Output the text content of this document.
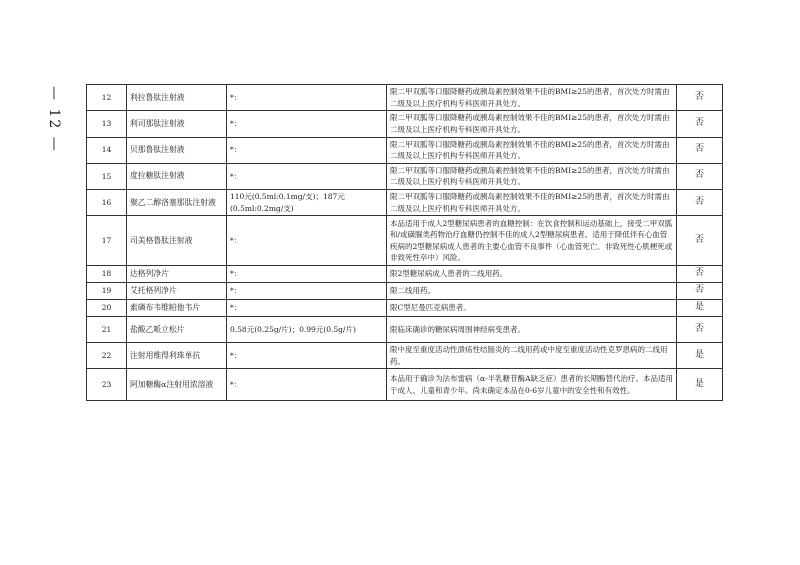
— 12 —	12	利拉鲁肽注射液	*：	限二甲双胍等口服降糖药或胰岛素控制效果不佳的BMI≥25的患者，首次处方时需由二级及以上医疗机构专科医师开具处方。	否
13	利司那肽注射液	*：	限二甲双胍等口服降糖药或胰岛素控制效果不佳的BMI≥25的患者，首次处方时需由二级及以上医疗机构专科医师开具处方。	否
14	贝那鲁肽注射液	*：	限二甲双胍等口服降糖药或胰岛素控制效果不佳的BMI≥25的患者，首次处方时需由二级及以上医疗机构专科医师开具处方。	否
15	度拉糖肽注射液	*：	限二甲双胍等口服降糖药或胰岛素控制效果不佳的BMI≥25的患者，首次处方时需由二级及以上医疗机构专科医师开具处方。	否
16	聚乙二醇洛塞那肽注射液	110元(0.5ml:0.1mg/支)；187元(0.5ml:0.2mg/支)	限二甲双胍等口服降糖药或胰岛素控制效果不佳的BMI≥25的患者，首次处方时需由二级及以上医疗机构专科医师开具处方。	否
17	司美格鲁肽注射液	*：	本品适用于成人2型糖尿病患者的血糖控制：在饮食控制和运动基础上，接受二甲双胍和/或磺脲类药物治疗血糖仍控制不佳的成人2型糖尿病患者。适用于降低伴有心血管疾病的2型糖尿病成人患者的主要心血管不良事件（心血管死亡、非致死性心肌梗死或非致死性卒中）风险。	否
18	达格列净片	*：	限2型糖尿病成人患者的二线用药。	否
19	艾托格列净片	*：	限二线用药。	否
20	索磷布韦维帕他韦片	*：	限C型尼曼匹克病患者。	是
21	盐酸乙哌立松片	0.58元(0.25g/片)；0.99元(0.5g/片)	限临床确诊的糖尿病周围神经病变患者。	否
22	注射用维得利珠单抗	*：	限中度至重度活动性溃疡性结肠炎的二线用药或中度至重度活动性克罗恩病的二线用药。	是
23	阿加糖酶α注射用浓溶液	*：	本品用于确诊为法布雷病（α-半乳糖苷酶A缺乏症）患者的长期酶替代治疗。本品适用于成人、儿童和青少年。尚未确定本品在0-6岁儿童中的安全性和有效性。	是
